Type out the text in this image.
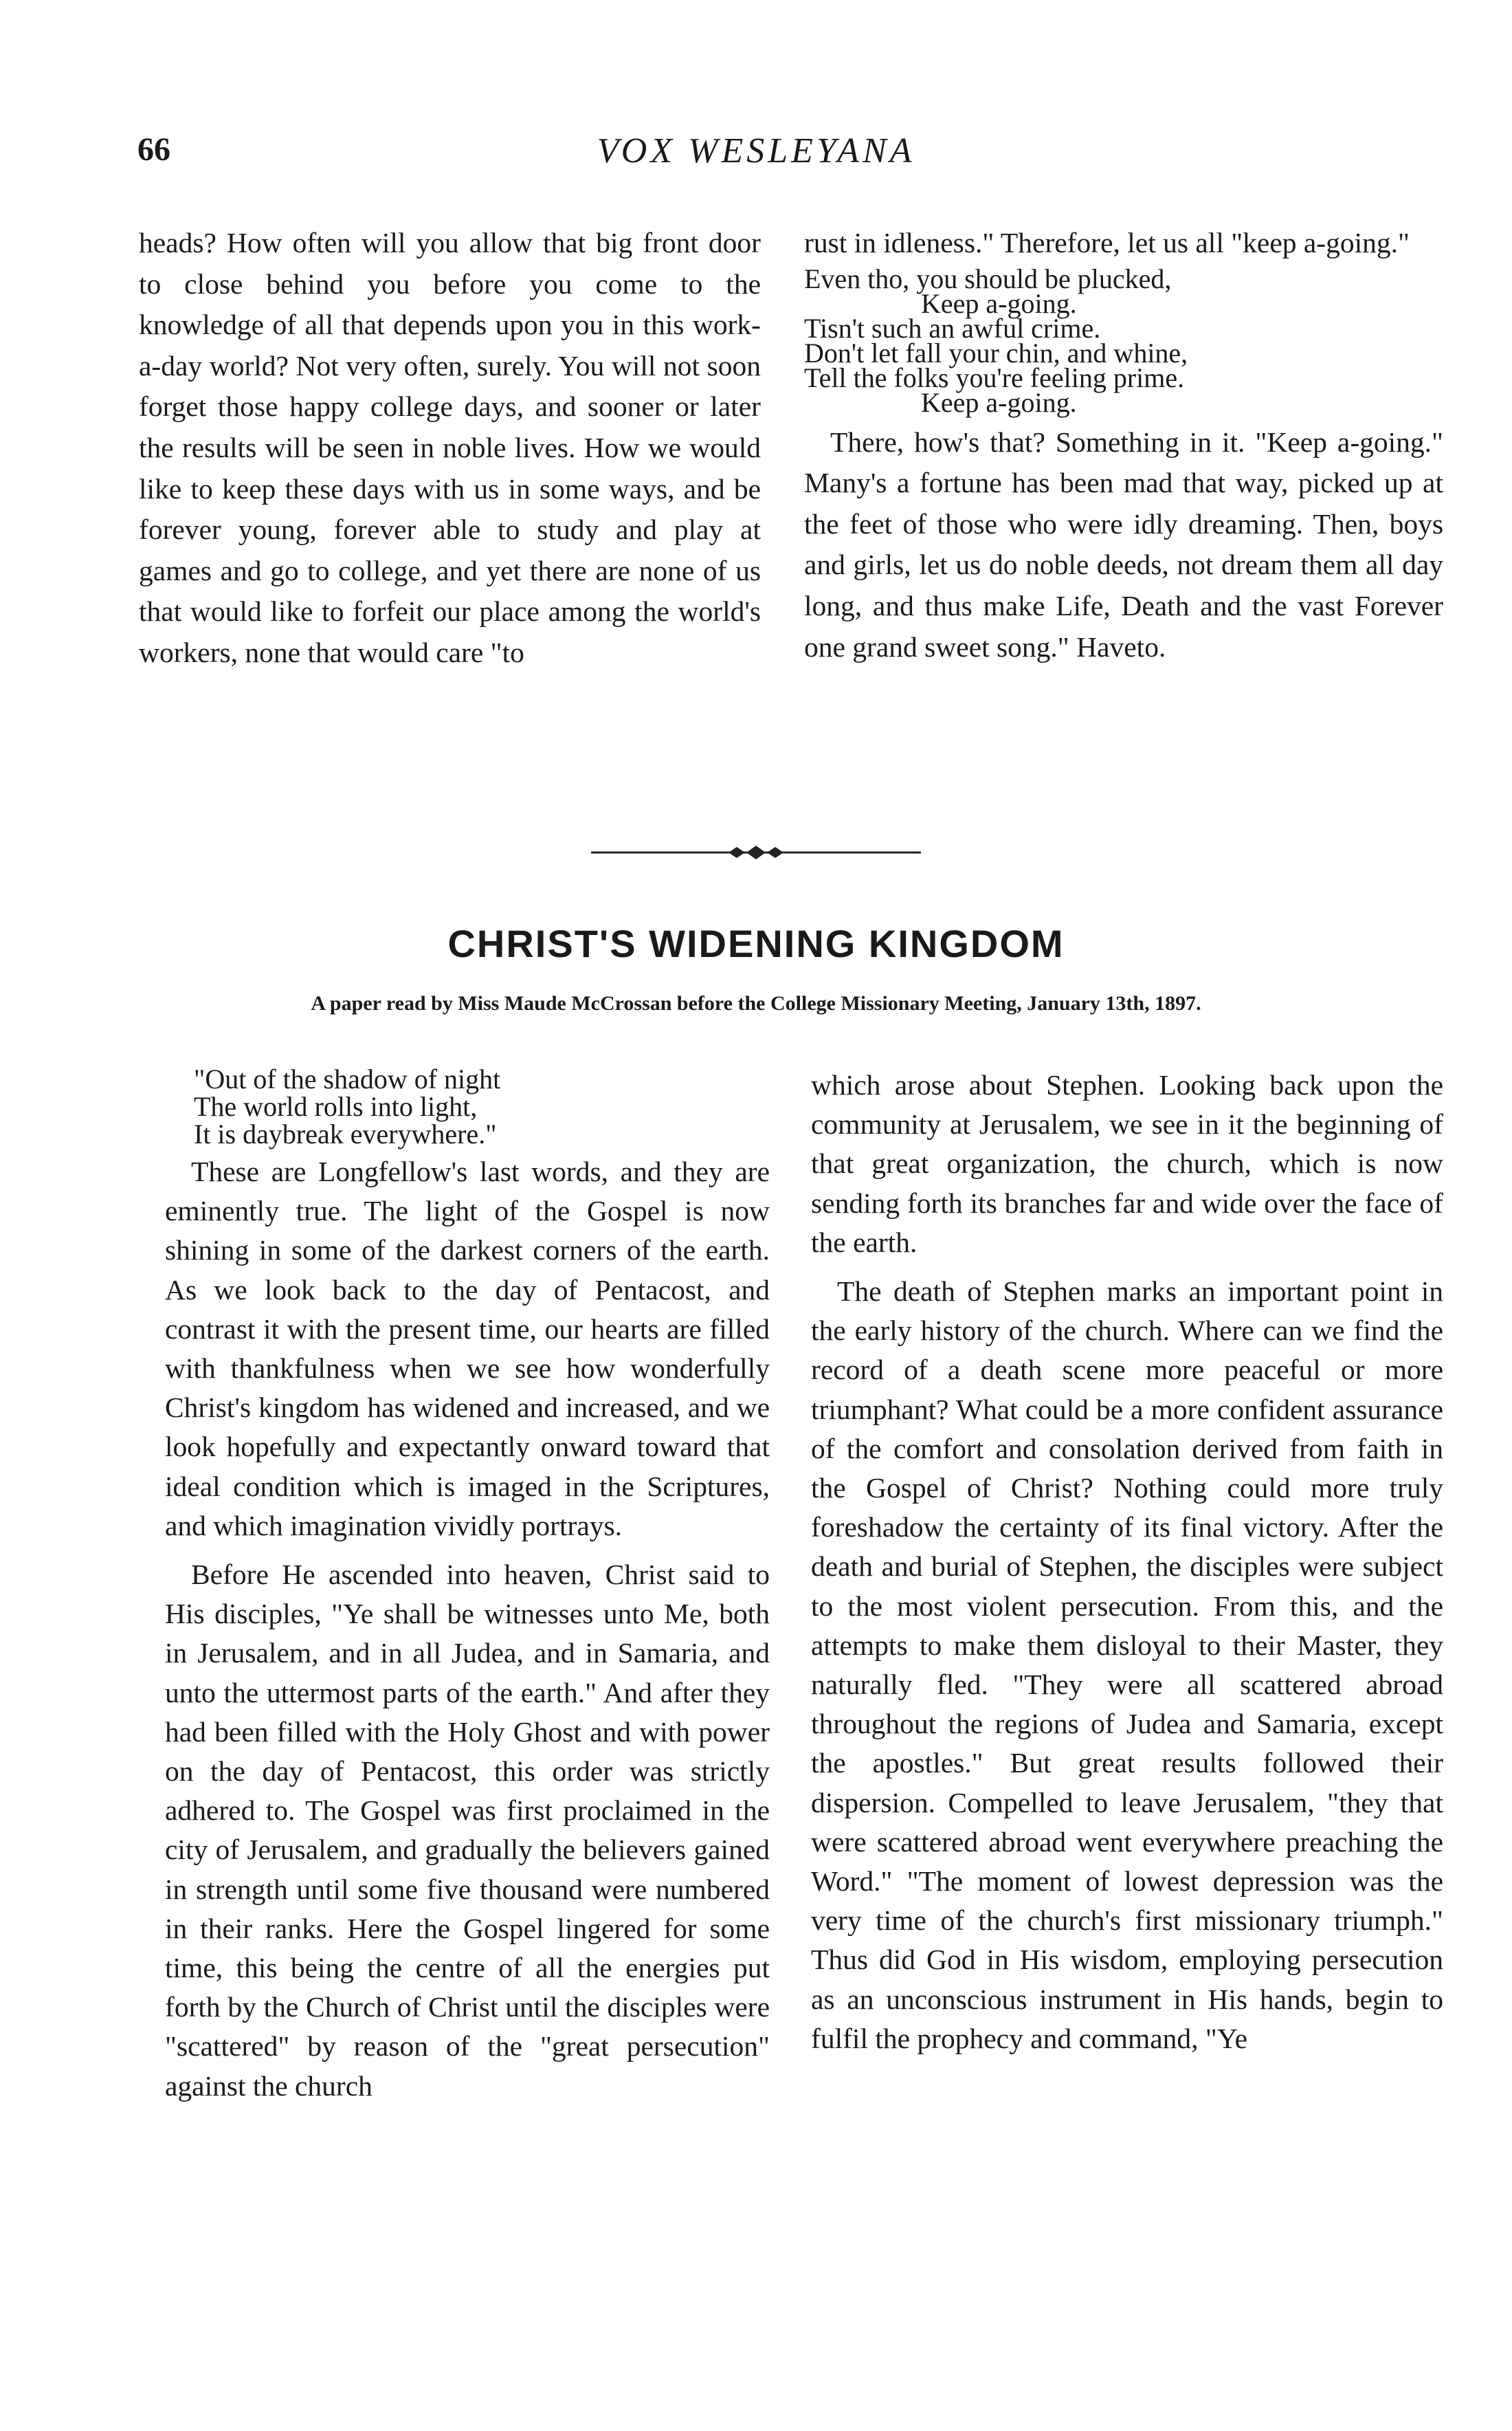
66	VOX WESLEYANA

heads? How often will you allow that big front door to close behind you before you come to the knowledge of all that depends upon you in this work-a-day world? Not very often, surely. You will not soon forget those happy college days, and sooner or later the results will be seen in noble lives. How we would like to keep these days with us in some ways, and be forever young, forever able to study and play at games and go to college, and yet there are none of us that would like to forfeit our place among the world's workers, none that would care "to

rust in idleness." Therefore, let us all "keep a-going."

Even tho, you should be plucked,
Keep a-going.
Tisn't such an awful crime.
Don't let fall your chin, and whine,
Tell the folks you're feeling prime.
Keep a-going.

There, how's that? Something in it. "Keep a-going." Many's a fortune has been mad that way, picked up at the feet of those who were idly dreaming. Then, boys and girls, let us do noble deeds, not dream them all day long, and thus make Life, Death and the vast Forever one grand sweet song." Haveto.

CHRIST'S WIDENING KINGDOM
A paper read by Miss Maude McCrossan before the College Missionary Meeting, January 13th, 1897.
"Out of the shadow of night
The world rolls into light,
It is daybreak everywhere."

These are Longfellow's last words, and they are eminently true. The light of the Gospel is now shining in some of the darkest corners of the earth. As we look back to the day of Pentacost, and contrast it with the present time, our hearts are filled with thankfulness when we see how wonderfully Christ's kingdom has widened and increased, and we look hopefully and expectantly onward toward that ideal condition which is imaged in the Scriptures, and which imagination vividly portrays.

Before He ascended into heaven, Christ said to His disciples, "Ye shall be witnesses unto Me, both in Jerusalem, and in all Judea, and in Samaria, and unto the uttermost parts of the earth." And after they had been filled with the Holy Ghost and with power on the day of Pentacost, this order was strictly adhered to. The Gospel was first proclaimed in the city of Jerusalem, and gradually the believers gained in strength until some five thousand were numbered in their ranks. Here the Gospel lingered for some time, this being the centre of all the energies put forth by the Church of Christ until the disciples were "scattered" by reason of the "great persecution" against the church

which arose about Stephen. Looking back upon the community at Jerusalem, we see in it the beginning of that great organization, the church, which is now sending forth its branches far and wide over the face of the earth.

The death of Stephen marks an important point in the early history of the church. Where can we find the record of a death scene more peaceful or more triumphant? What could be a more confident assurance of the comfort and consolation derived from faith in the Gospel of Christ? Nothing could more truly foreshadow the certainty of its final victory. After the death and burial of Stephen, the disciples were subject to the most violent persecution. From this, and the attempts to make them disloyal to their Master, they naturally fled. "They were all scattered abroad throughout the regions of Judea and Samaria, except the apostles." But great results followed their dispersion. Compelled to leave Jerusalem, "they that were scattered abroad went everywhere preaching the Word." "The moment of lowest depression was the very time of the church's first missionary triumph." Thus did God in His wisdom, employing persecution as an unconscious instrument in His hands, begin to fulfil the prophecy and command, "Ye
